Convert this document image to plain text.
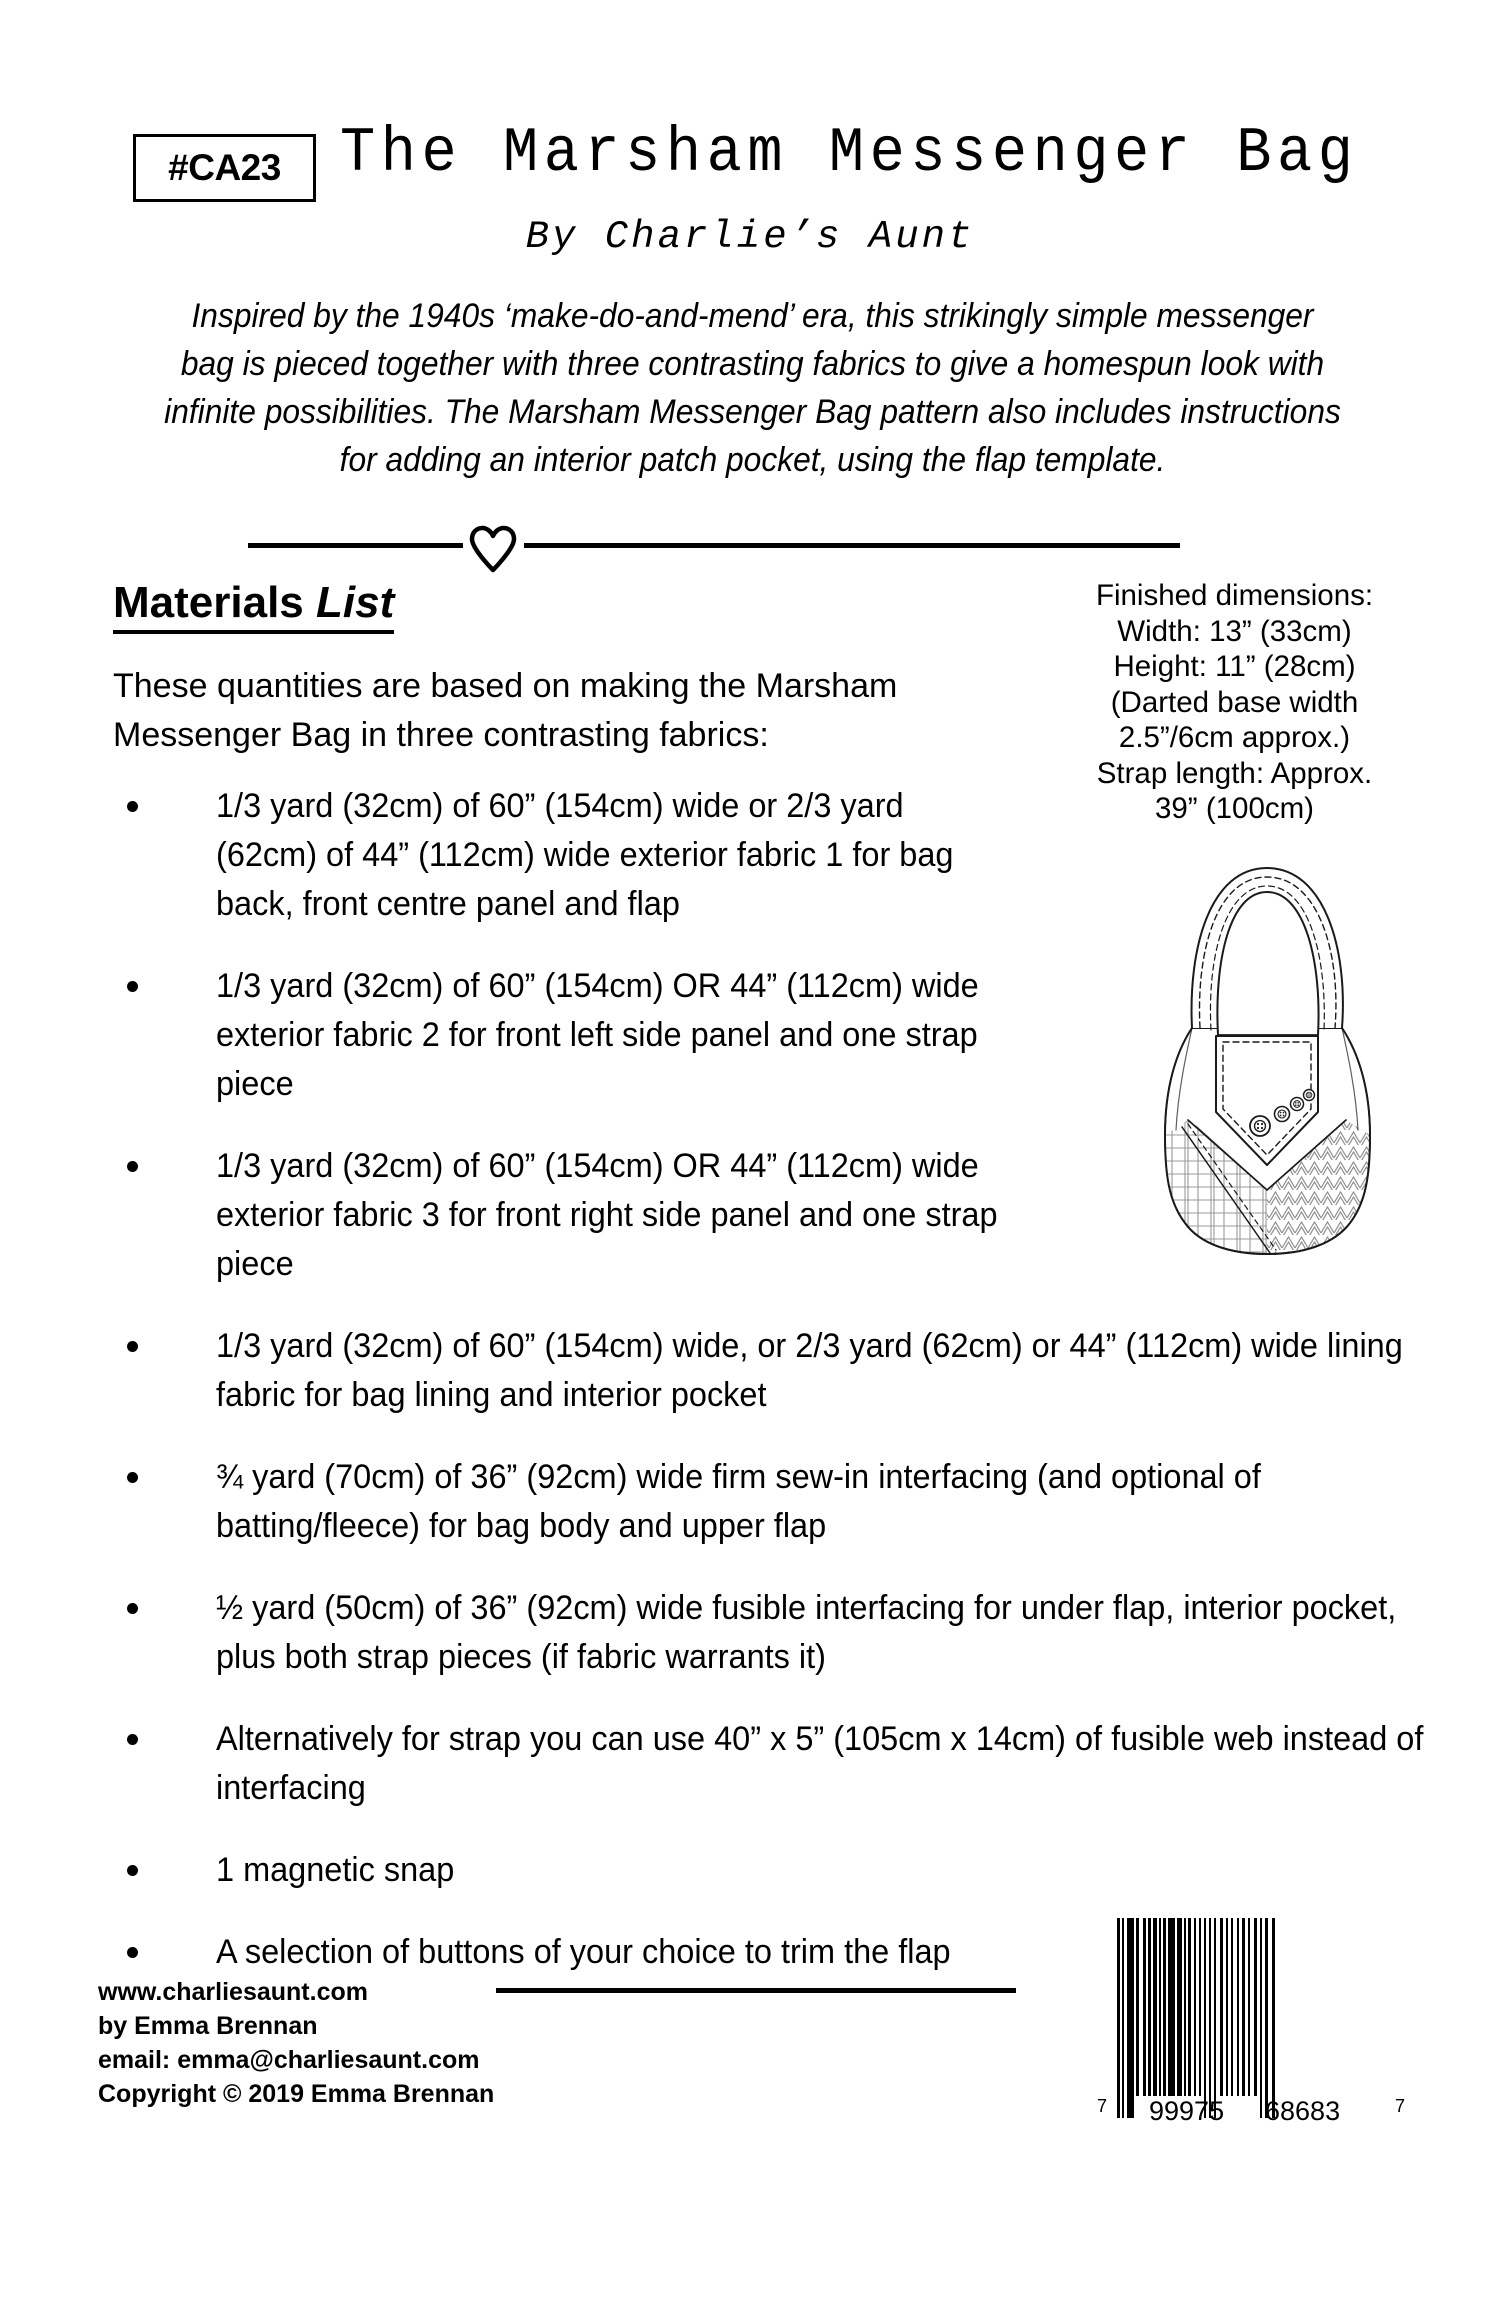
#CA23 The Marsham Messenger Bag
By Charlie’s Aunt
Inspired by the 1940s ‘make-do-and-mend’ era, this strikingly simple messenger bag is pieced together with three contrasting fabrics to give a homespun look with infinite possibilities. The Marsham Messenger Bag pattern also includes instructions for adding an interior patch pocket, using the flap template.
Materials List
These quantities are based on making the Marsham Messenger Bag in three contrasting fabrics:
Finished dimensions:
Width: 13” (33cm)
Height: 11” (28cm)
(Darted base width
2.5”/6cm approx.)
Strap length: Approx.
39” (100cm)
1/3 yard (32cm) of 60” (154cm) wide or 2/3 yard (62cm) of 44” (112cm) wide exterior fabric 1 for bag back, front centre panel and flap
1/3 yard (32cm) of 60” (154cm) OR 44” (112cm) wide exterior fabric 2 for front left side panel and one strap piece
1/3 yard (32cm) of 60” (154cm) OR 44” (112cm) wide exterior fabric 3 for front right side panel and one strap piece
1/3 yard (32cm) of 60” (154cm) wide, or 2/3 yard (62cm) or 44” (112cm) wide lining fabric for bag lining and interior pocket
¾ yard (70cm) of 36” (92cm) wide firm sew-in interfacing (and optional of batting/fleece) for bag body and upper flap
½ yard (50cm) of 36” (92cm) wide fusible interfacing for under flap, interior pocket, plus both strap pieces (if fabric warrants it)
Alternatively for strap you can use 40” x 5” (105cm x 14cm) of fusible web instead of interfacing
1 magnetic snap
A selection of buttons of your choice to trim the flap
www.charliesaunt.com
by Emma Brennan
email: emma@charliesaunt.com
Copyright © 2019 Emma Brennan	7 99975 68683	7
